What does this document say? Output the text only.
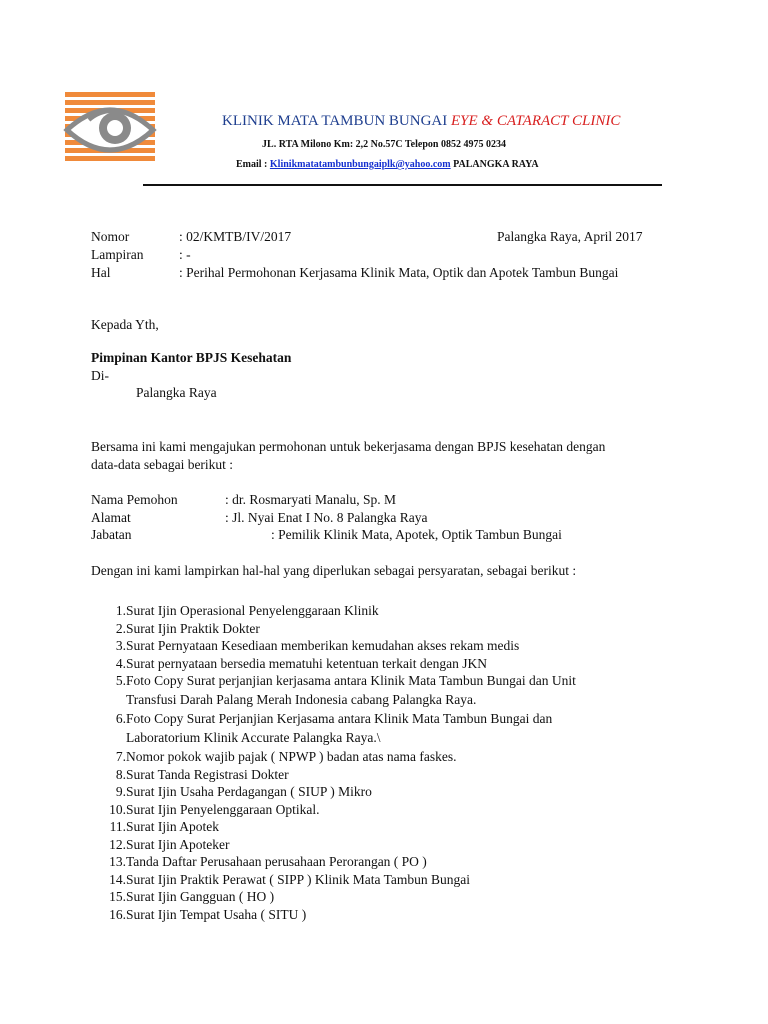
KLINIK MATA TAMBUN BUNGAI EYE & CATARACT CLINIC
JL. RTA Milono Km: 2,2 No.57C Telepon 0852 4975 0234
Email : Klinikmatatambunbungaiplk@yahoo.com PALANGKA RAYA
Nomor	: 02/KMTB/IV/2017	Palangka Raya, April 2017
Lampiran	: -
Hal	: Perihal Permohonan Kerjasama Klinik Mata, Optik dan Apotek Tambun Bungai
Kepada Yth,
Pimpinan Kantor BPJS Kesehatan
Di-
Palangka Raya
Bersama ini kami mengajukan permohonan untuk bekerjasama dengan BPJS kesehatan dengan
data-data sebagai berikut :
Nama Pemohon	: dr. Rosmaryati Manalu, Sp. M
Alamat	: Jl. Nyai Enat I No. 8 Palangka Raya
Jabatan	: Pemilik Klinik Mata, Apotek, Optik Tambun Bungai
Dengan ini kami lampirkan hal-hal yang diperlukan sebagai persyaratan, sebagai berikut :
1. Surat Ijin Operasional Penyelenggaraan Klinik
2. Surat Ijin Praktik Dokter
3. Surat Pernyataan Kesediaan memberikan kemudahan akses rekam medis
4. Surat pernyataan bersedia mematuhi ketentuan terkait dengan JKN
5. Foto Copy Surat perjanjian kerjasama antara Klinik Mata Tambun Bungai dan Unit
Transfusi Darah Palang Merah Indonesia cabang Palangka Raya.
6. Foto Copy Surat Perjanjian Kerjasama antara Klinik Mata Tambun Bungai dan
Laboratorium Klinik Accurate Palangka Raya.\
7. Nomor pokok wajib pajak ( NPWP ) badan atas nama faskes.
8. Surat Tanda Registrasi Dokter
9. Surat Ijin Usaha Perdagangan ( SIUP ) Mikro
10. Surat Ijin Penyelenggaraan Optikal.
11. Surat Ijin Apotek
12. Surat Ijin Apoteker
13. Tanda Daftar Perusahaan perusahaan Perorangan ( PO )
14. Surat Ijin Praktik Perawat ( SIPP ) Klinik Mata Tambun Bungai
15. Surat Ijin Gangguan ( HO )
16. Surat Ijin Tempat Usaha ( SITU )
